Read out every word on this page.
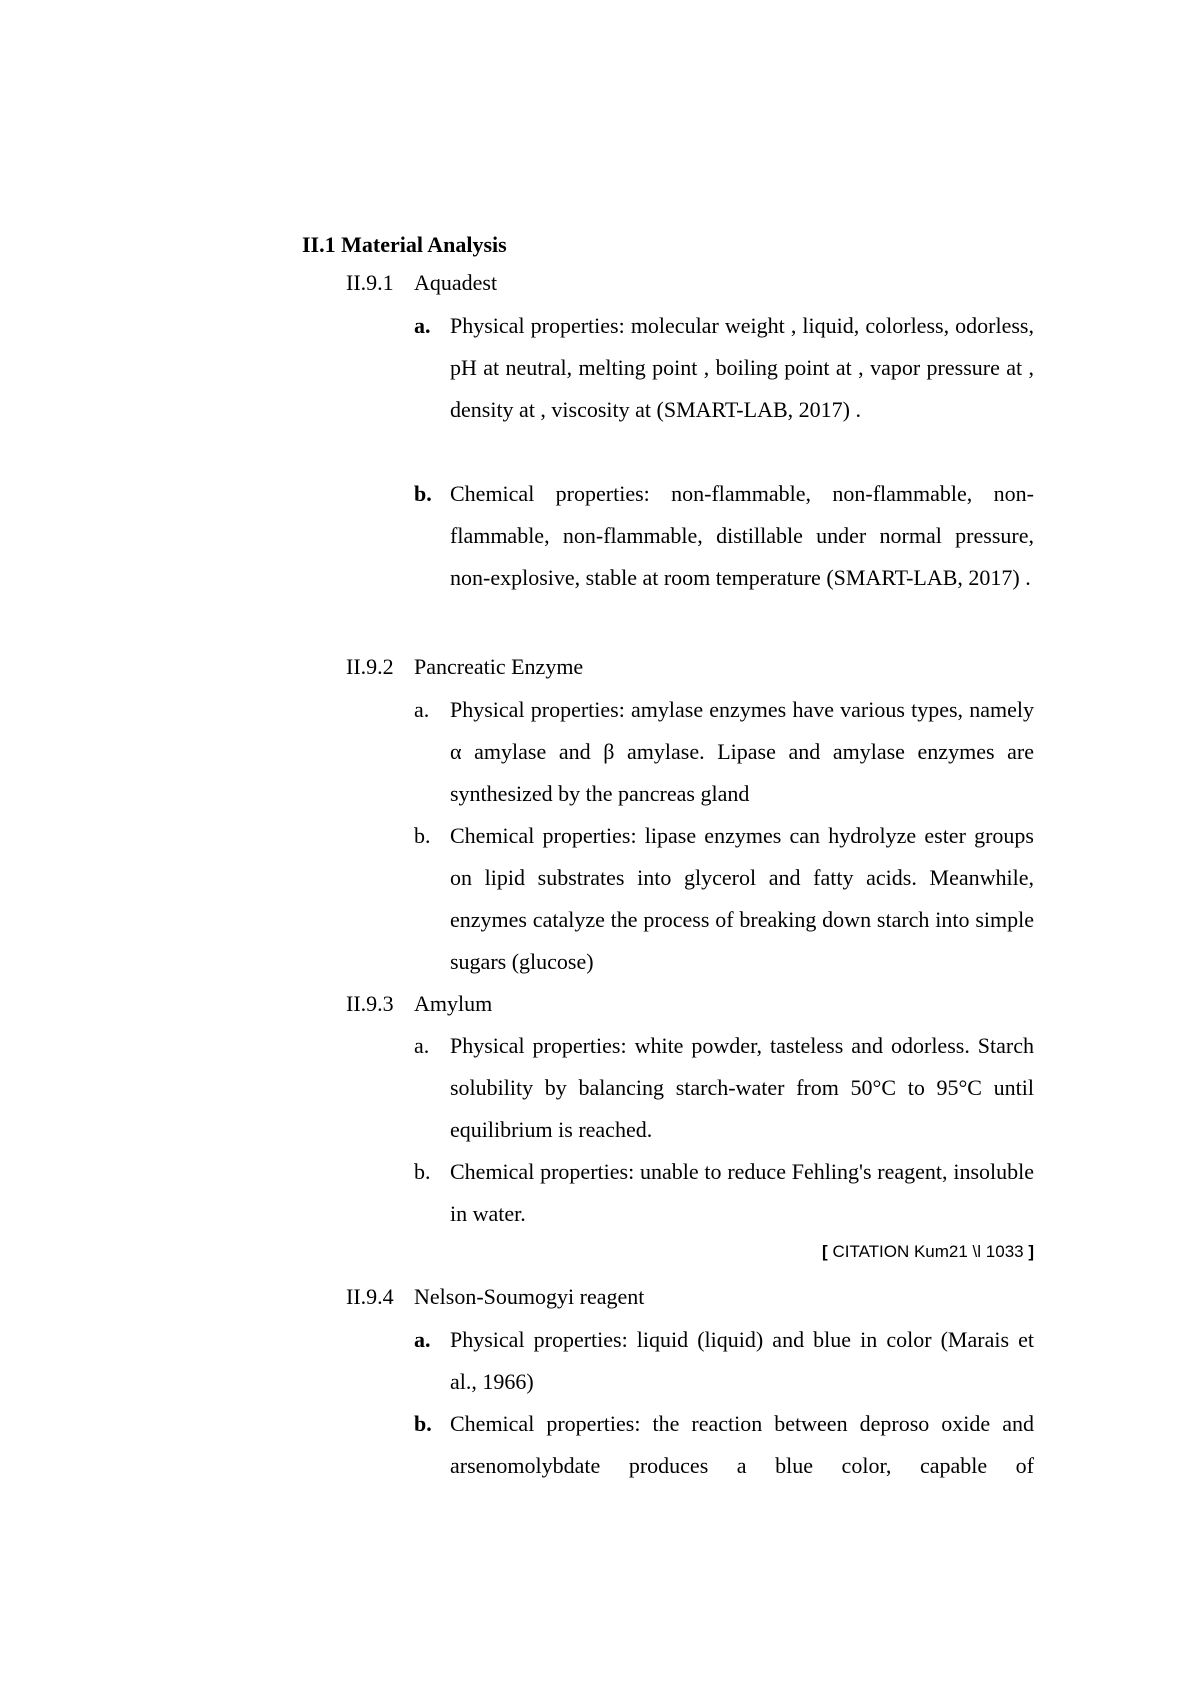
II.1 Material Analysis
II.9.1 Aquadest
a. Physical properties: molecular weight , liquid, colorless, odorless, pH at neutral, melting point , boiling point at , vapor pressure at , density at , viscosity at (SMART-LAB, 2017) .
b. Chemical properties: non-flammable, non-flammable, non-flammable, non-flammable, distillable under normal pressure, non-explosive, stable at room temperature (SMART-LAB, 2017) .
II.9.2 Pancreatic Enzyme
a. Physical properties: amylase enzymes have various types, namely α amylase and β amylase. Lipase and amylase enzymes are synthesized by the pancreas gland
b. Chemical properties: lipase enzymes can hydrolyze ester groups on lipid substrates into glycerol and fatty acids. Meanwhile, enzymes catalyze the process of breaking down starch into simple sugars (glucose)
II.9.3 Amylum
a. Physical properties: white powder, tasteless and odorless. Starch solubility by balancing starch-water from 50°C to 95°C until equilibrium is reached.
b. Chemical properties: unable to reduce Fehling's reagent, insoluble in water.
[ CITATION Kum21 \l 1033 ]
II.9.4 Nelson-Soumogyi reagent
a. Physical properties: liquid (liquid) and blue in color (Marais et al., 1966)
b. Chemical properties: the reaction between deproso oxide and arsenomolybdate produces a blue color, capable of
